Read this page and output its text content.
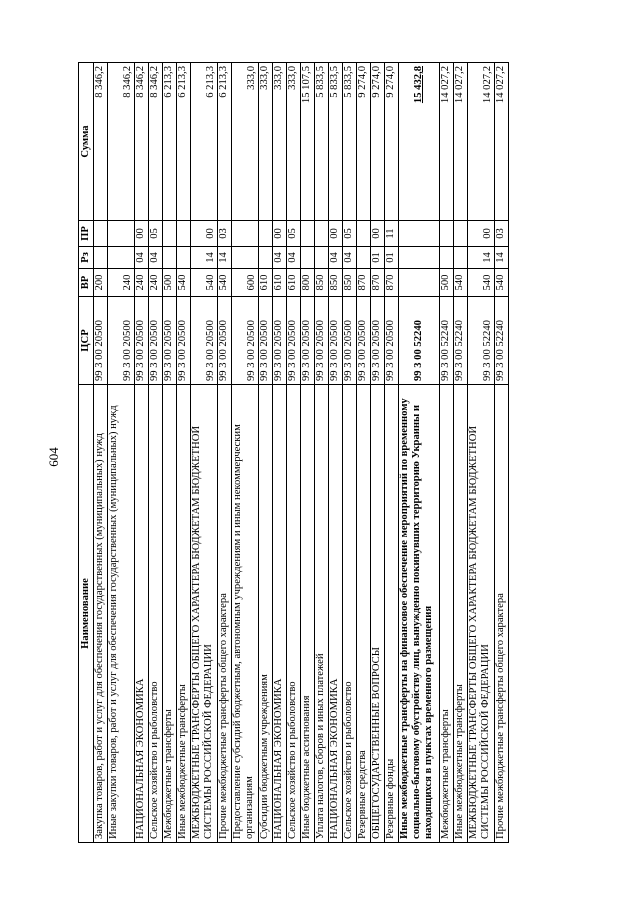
604
Наименование	ЦСР	ВР	Рз	ПР	Сумма
Закупка товаров, работ и услуг для обеспечения государственных (муниципальных) нужд	99 3 00 20500	200			8 346,2
Иные закупки товаров, работ и услуг для обеспечения государственных (муниципальных) нужд	99 3 00 20500	240			8 346,2
НАЦИОНАЛЬНАЯ ЭКОНОМИКА	99 3 00 20500	240	04	00	8 346,2
Сельское хозяйство и рыболовство	99 3 00 20500	240	04	05	8 346,2
Межбюджетные трансферты	99 3 00 20500	500			6 213,3
Иные межбюджетные трансферты	99 3 00 20500	540			6 213,3
МЕЖБЮДЖЕТНЫЕ ТРАНСФЕРТЫ ОБЩЕГО ХАРАКТЕРА БЮДЖЕТАМ БЮДЖЕТНОЙ СИСТЕМЫ РОССИЙСКОЙ ФЕДЕРАЦИИ	99 3 00 20500	540	14	00	6 213,3
Прочие межбюджетные трансферты общего характера	99 3 00 20500	540	14	03	6 213,3
Предоставление субсидий бюджетным, автономным учреждениям и иным некоммерческим организациям	99 3 00 20500	600			333,0
Субсидии бюджетным учреждениям	99 3 00 20500	610			333,0
НАЦИОНАЛЬНАЯ ЭКОНОМИКА	99 3 00 20500	610	04	00	333,0
Сельское хозяйство и рыболовство	99 3 00 20500	610	04	05	333,0
Иные бюджетные ассигнования	99 3 00 20500	800			15 107,5
Уплата налогов, сборов и иных платежей	99 3 00 20500	850			5 833,5
НАЦИОНАЛЬНАЯ ЭКОНОМИКА	99 3 00 20500	850	04	00	5 833,5
Сельское хозяйство и рыболовство	99 3 00 20500	850	04	05	5 833,5
Резервные средства	99 3 00 20500	870			9 274,0
ОБЩЕГОСУДАРСТВЕННЫЕ ВОПРОСЫ	99 3 00 20500	870	01	00	9 274,0
Резервные фонды	99 3 00 20500	870	01	11	9 274,0
Иные межбюджетные трансферты на финансовое обеспечение мероприятий по временному социально-бытовому обустройству лиц, вынужденно покинувших территорию Украины и находящихся в пунктах временного размещения	99 3 00 52240				15 432,8
Межбюджетные трансферты	99 3 00 52240	500			14 027,2
Иные межбюджетные трансферты	99 3 00 52240	540			14 027,2
МЕЖБЮДЖЕТНЫЕ ТРАНСФЕРТЫ ОБЩЕГО ХАРАКТЕРА БЮДЖЕТАМ БЮДЖЕТНОЙ СИСТЕМЫ РОССИЙСКОЙ ФЕДЕРАЦИИ	99 3 00 52240	540	14	00	14 027,2
Прочие межбюджетные трансферты общего характера	99 3 00 52240	540	14	03	14 027,2
